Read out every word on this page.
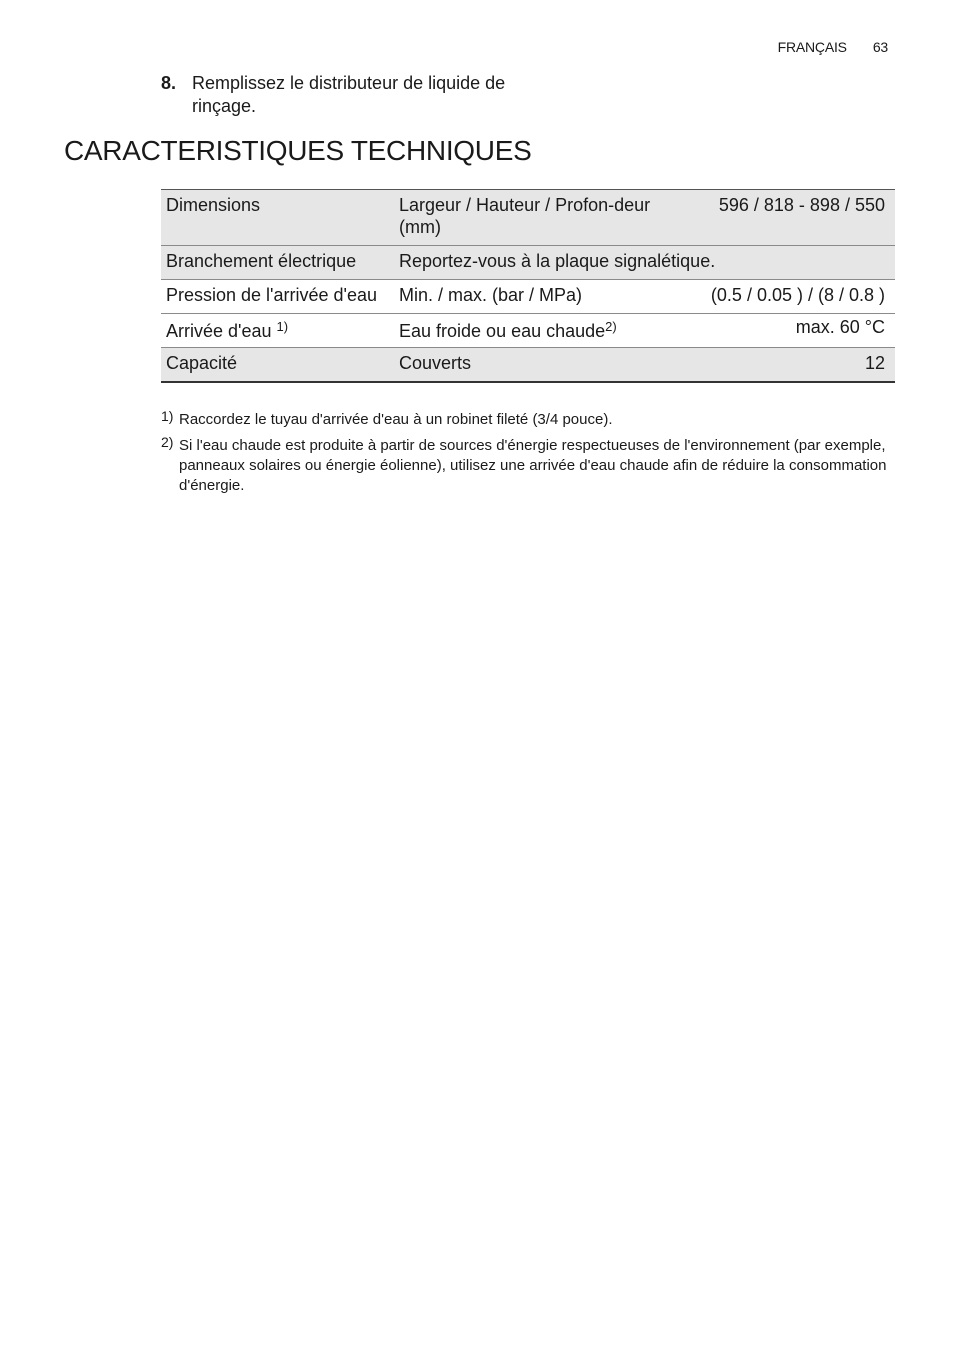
FRANÇAIS 63
8. Remplissez le distributeur de liquide de rinçage.
CARACTERISTIQUES TECHNIQUES
Dimensions	Largeur / Hauteur / Profon-deur (mm)	596 / 818 - 898 / 550
Branchement électrique	Reportez-vous à la plaque signalétique.	
Pression de l'arrivée d'eau	Min. / max. (bar / MPa)	(0.5 / 0.05 ) / (8 / 0.8 )
Arrivée d'eau $^{1)}$	Eau froide ou eau chaude$^{2)}$	max. 60 °C
Capacité	Couverts	12
1) Raccordez le tuyau d'arrivée d'eau à un robinet fileté (3/4 pouce).
2) Si l'eau chaude est produite à partir de sources d'énergie respectueuses de l'environnement (par exemple, panneaux solaires ou énergie éolienne), utilisez une arrivée d'eau chaude afin de réduire la consommation d'énergie.
